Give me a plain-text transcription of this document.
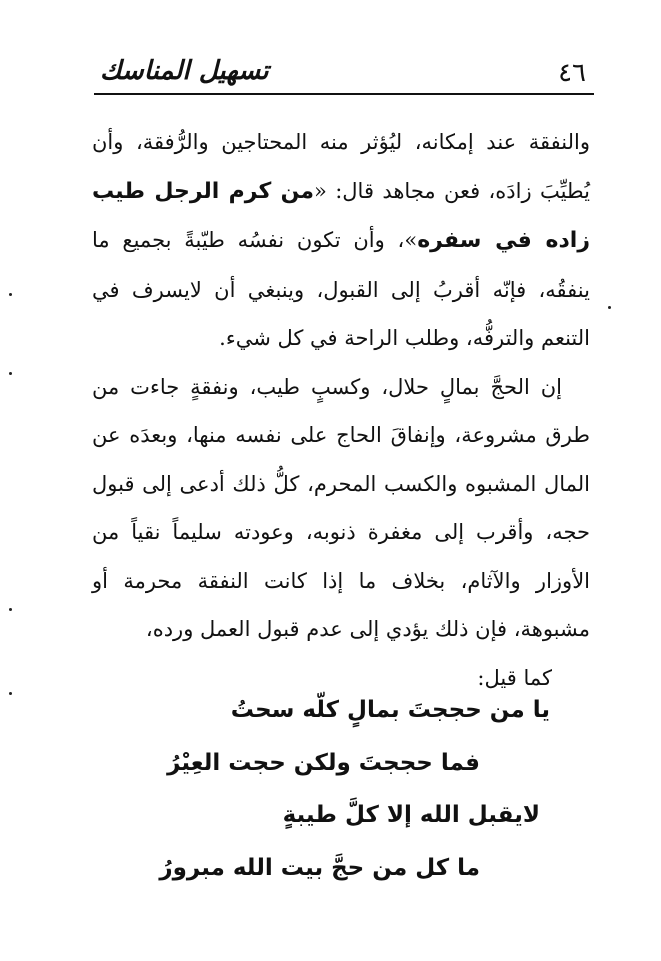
٤٦
تسهيل المناسك

والنفقة عند إمكانه، ليُؤثر منه المحتاجين والرُّفقة، وأن يُطيِّبَ زادَه، فعن مجاهد قال: «من كرم الرجل طيب زاده في سفره»، وأن تكون نفسُه طيّبةً بجميع ما ينفقُه، فإنّه أقربُ إلى القبول، وينبغي أن لايسرف في التنعم والترفُّه، وطلب الراحة في كل شيء.

إن الحجَّ بمالٍ حلال، وكسبٍ طيب، ونفقةٍ جاءت من طرق مشروعة، وإنفاقَ الحاج على نفسه منها، وبعدَه عن المال المشبوه والكسب المحرم، كلُّ ذلك أدعى إلى قبول حجه، وأقرب إلى مغفرة ذنوبه، وعودته سليماً نقياً من الأوزار والآثام، بخلاف ما إذا كانت النفقة محرمة أو مشبوهة، فإن ذلك يؤدي إلى عدم قبول العمل ورده،

كما قيل:

يا من حججتَ بمالٍ كلّه سحتُ
فما حججتَ ولكن حجت العِيْرُ
لايقبل الله إلا كلَّ طيبةٍ
ما كل من حجَّ بيت الله مبرورُ
